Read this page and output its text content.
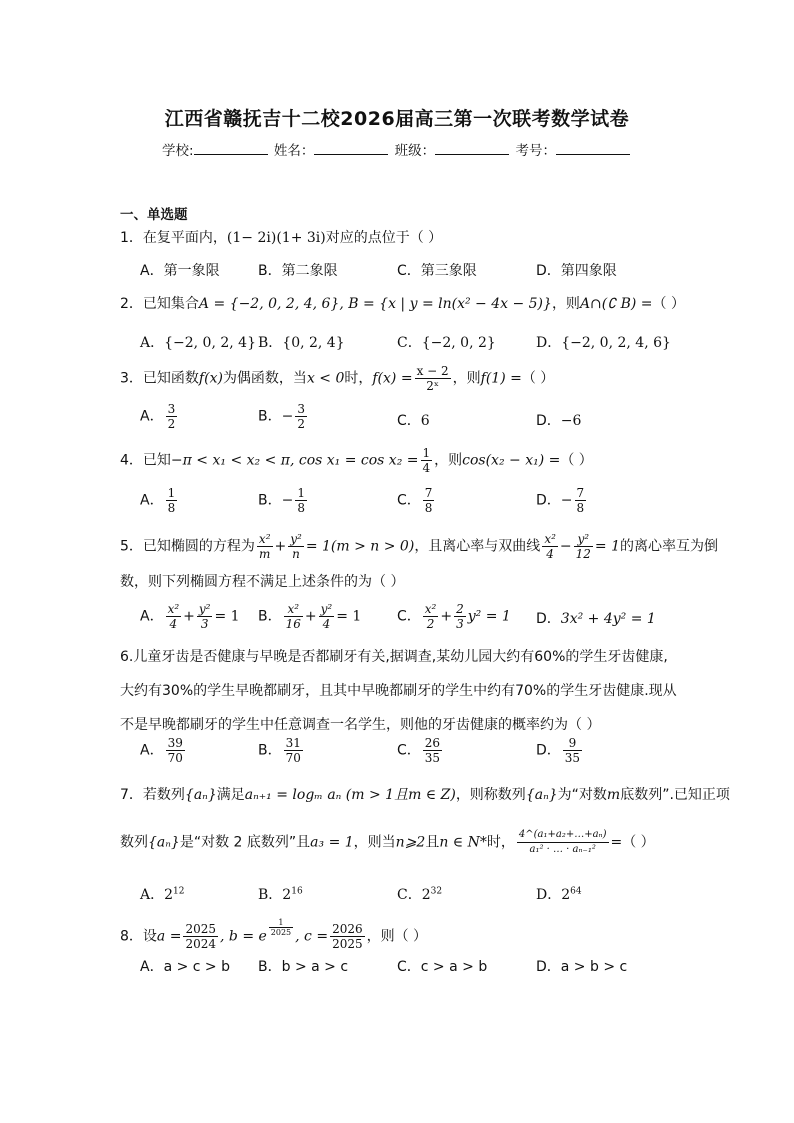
江西省赣抚吉十二校2026届高三第一次联考数学试卷
学校:	姓名：	班级：	考号：
一、单选题
1．在复平面内，(1− 2i)(1+ 3i)对应的点位于（ ）
A．第一象限	B．第二象限	C．第三象限	D．第四象限
2．已知集合A = {−2, 0, 2, 4, 6}, B = {x | y = ln(x² − 4x − 5)}，则A∩(∁ B) =（ ）
A．{−2, 0, 2, 4} B．{0, 2, 4}	C．{−2, 0, 2}	D．{−2, 0, 2, 4, 6}
3．已知函数f(x)为偶函数，当x < 0时，$f(x) = \frac{x - 2}{\text{2ˣ}}$ ，则f(1) =（ ）
A． $\frac{3}{2}$	B．− $\frac{3}{2}$	C．6	D．−6
4．已知−π < x₁ < x₂ < π, $\cos x_1 = \cos x_2 = \frac{1}{4}$ ，则cos(x₂ − x₁) =（ ）
A． $\frac{1}{8}$	B．− $\frac{1}{8}$	C． $\frac{7}{8}$	D．− $\frac{7}{8}$
5．已知椭圆的方程为 $\frac{\text{x²}}{m} + \frac{\text{y²}}{n} = 1(m > n > 0)$，且离心率与双曲线 $\frac{\text{x²}}{4} - \frac{\text{y²}}{12} = 1$的离心率互为倒
数，则下列椭圆方程不满足上述条件的为（ ）
A． $\frac{\text{x²}}{4} + \frac{\text{y²}}{3} = 1$ B． $\frac{\text{x²}}{16} + \frac{\text{y²}}{4} = 1$	C． $\frac{\text{x²}}{2} + \frac{2}{3} y^2 = 1$ D．3x² + 4y² = 1
6.儿童牙齿是否健康与早晚是否都刷牙有关,据调查,某幼儿园大约有60%的学生牙齿健康,大约有30%的学生早晚都刷牙，且其中早晚都刷牙的学生中约有70%的学生牙齿健康.现从不是早晚都刷牙的学生中任意调查一名学生，则他的牙齿健康的概率约为（ ）
A． $\frac{39}{70}$	B． $\frac{31}{70}$	C． $\frac{26}{35}$	D． $\frac{9}{35}$
7．若数列{aₙ}满足aₙ₊₁ = logₘ aₙ (m > 1且m ∈ Z)，则称数列{aₙ}为“对数m底数列”.已知正项
数列{aₙ}是“对数 2 底数列”且a₃ = 1，则当n⩾2且n ∈ N*时， $\frac{\text{4\textasciicircum{}(a₁+a₂+…+aₙ)}}{\text{a₁² · … · aₙ₋₁²}}$ =（ ）
A．$2^{12}$	B．$2^{16}$	C．$2^{32}$	D．$2^{64}$
8．设$a = \frac{2025}{2024}$ , b = e $^{\frac{1}{2025}}$ , $c = \frac{2026}{2025}$ ，则（ ）
A．a > c > b B．b > a > c	C．c > a > b	D．a > b > c
